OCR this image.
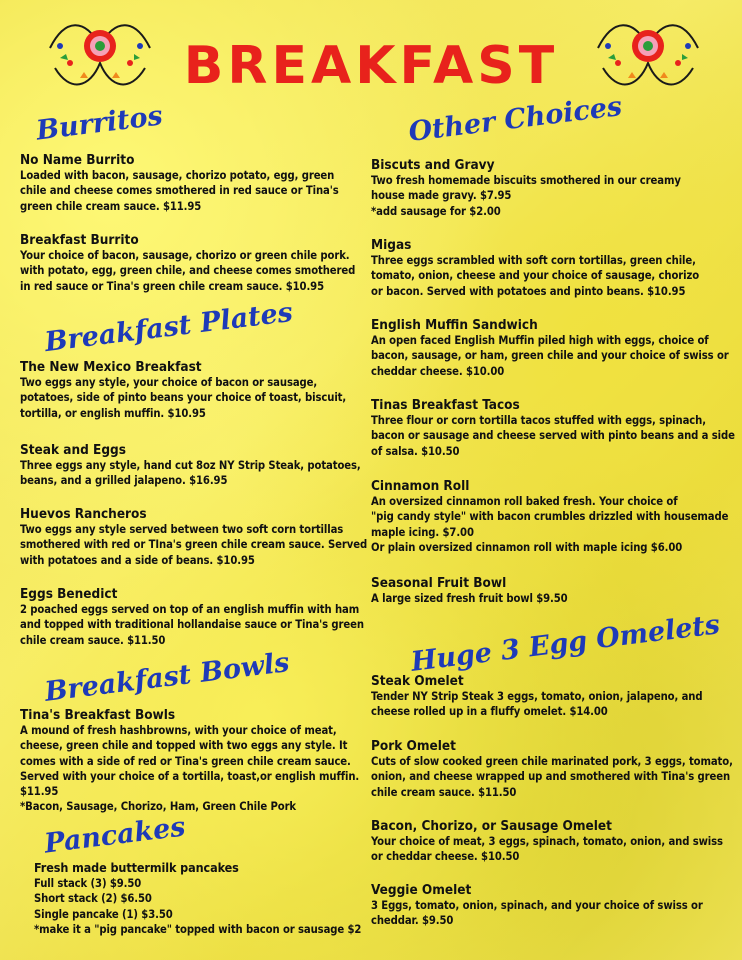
BREAKFAST
Burritos
No Name Burrito
Loaded with bacon, sausage, chorizo potato, egg, green
chile and cheese comes smothered in red sauce or Tina's
green chile cream sauce. $11.95
Breakfast Burrito
Your choice of bacon, sausage, chorizo or green chile pork.
with potato, egg, green chile, and cheese comes smothered
in red sauce or Tina's green chile cream sauce. $10.95
Breakfast Plates
The New Mexico Breakfast
Two eggs any style, your choice of bacon or sausage,
potatoes, side of pinto beans your choice of toast, biscuit,
tortilla, or english muffin. $10.95
Steak and Eggs
Three eggs any style, hand cut 8oz NY Strip Steak, potatoes,
beans, and a grilled jalapeno. $16.95
Huevos Rancheros
Two eggs any style served between two soft corn tortillas
smothered with red or TIna's green chile cream sauce. Served
with potatoes and a side of beans. $10.95
Eggs Benedict
2 poached eggs served on top of an english muffin with ham
and topped with traditional hollandaise sauce or Tina's green
chile cream sauce. $11.50
Breakfast Bowls
Tina's Breakfast Bowls
A mound of fresh hashbrowns, with your choice of meat,
cheese, green chile and topped with two eggs any style. It
comes with a side of red or Tina's green chile cream sauce.
Served with your choice of a tortilla, toast,or english muffin.
$11.95
*Bacon, Sausage, Chorizo, Ham, Green Chile Pork
Pancakes
Fresh made buttermilk pancakes
Full stack (3) $9.50
Short stack (2) $6.50
Single pancake (1) $3.50
*make it a "pig pancake" topped with bacon or sausage $2
Other Choices
Biscuts and Gravy
Two fresh homemade biscuits smothered in our creamy
house made gravy. $7.95
*add sausage for $2.00
Migas
Three eggs scrambled with soft corn tortillas, green chile,
tomato, onion, cheese and your choice of sausage, chorizo
or bacon. Served with potatoes and pinto beans. $10.95
English Muffin Sandwich
An open faced English Muffin piled high with eggs, choice of
bacon, sausage, or ham, green chile and your choice of swiss or
cheddar cheese. $10.00
Tinas Breakfast Tacos
Three flour or corn tortilla tacos stuffed with eggs, spinach,
bacon or sausage and cheese served with pinto beans and a side
of salsa. $10.50
Cinnamon Roll
An oversized cinnamon roll baked fresh. Your choice of
"pig candy style" with bacon crumbles drizzled with housemade
maple icing. $7.00
Or plain oversized cinnamon roll with maple icing $6.00
Seasonal Fruit Bowl
A large sized fresh fruit bowl $9.50
Huge 3 Egg Omelets
Steak Omelet
Tender NY Strip Steak 3 eggs, tomato, onion, jalapeno, and
cheese rolled up in a fluffy omelet. $14.00
Pork Omelet
Cuts of slow cooked green chile marinated pork, 3 eggs, tomato,
onion, and cheese wrapped up and smothered with Tina's green
chile cream sauce. $11.50
Bacon, Chorizo, or Sausage Omelet
Your choice of meat, 3 eggs, spinach, tomato, onion, and swiss
or cheddar cheese. $10.50
Veggie Omelet
3 Eggs, tomato, onion, spinach, and your choice of swiss or
cheddar. $9.50
